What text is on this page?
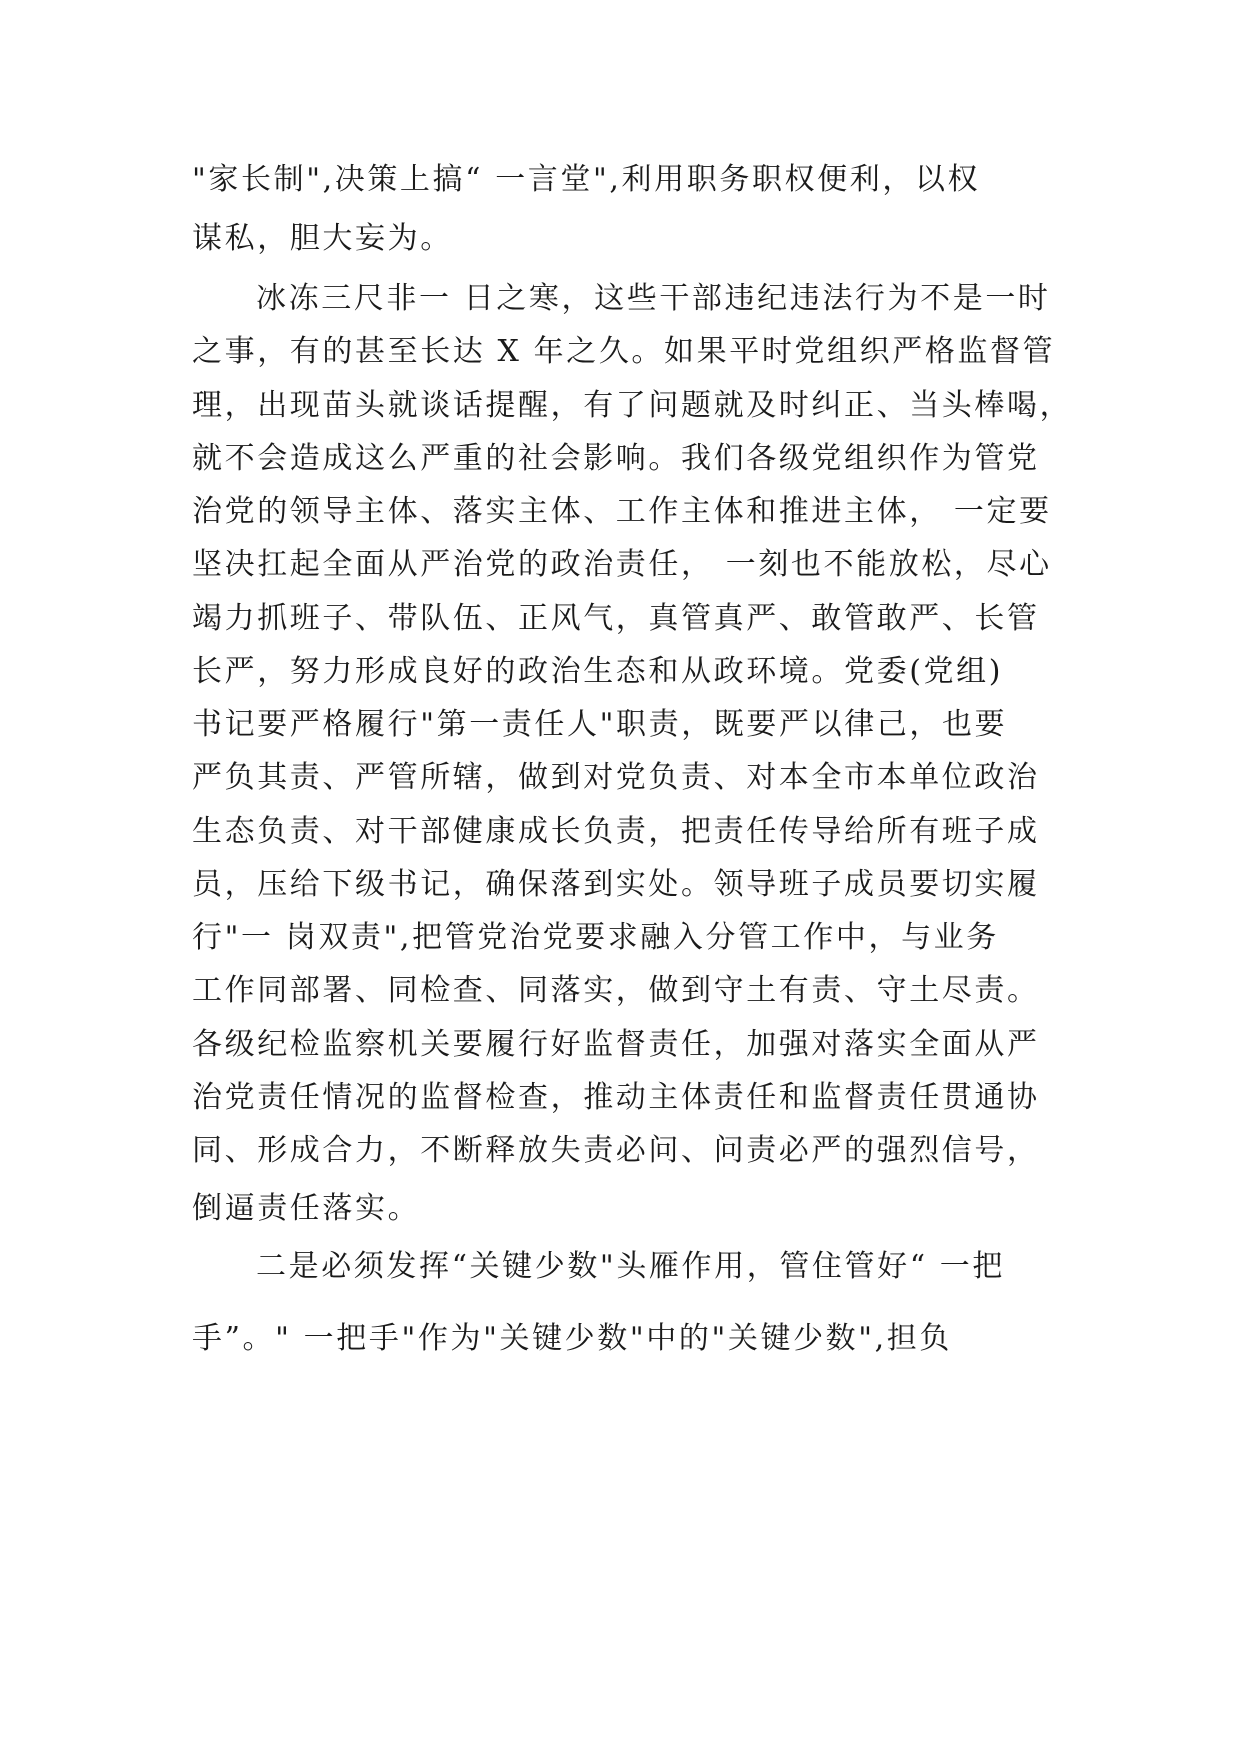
"家长制",决策上搞“ 一言堂",利用职务职权便利，以权
谋私，胆大妄为。
冰冻三尺非一 日之寒，这些干部违纪违法行为不是一时
之事，有的甚至长达 X 年之久。如果平时党组织严格监督管
理，出现苗头就谈话提醒，有了问题就及时纠正、当头棒喝，
就不会造成这么严重的社会影响。我们各级党组织作为管党
治党的领导主体、落实主体、工作主体和推进主体， 一定要
坚决扛起全面从严治党的政治责任， 一刻也不能放松，尽心
竭力抓班子、带队伍、正风气，真管真严、敢管敢严、长管
长严，努力形成良好的政治生态和从政环境。党委(党组)
书记要严格履行"第一责任人"职责，既要严以律己，也要
严负其责、严管所辖，做到对党负责、对本全市本单位政治
生态负责、对干部健康成长负责，把责任传导给所有班子成
员，压给下级书记，确保落到实处。领导班子成员要切实履
行"一 岗双责",把管党治党要求融入分管工作中，与业务
工作同部署、同检查、同落实，做到守土有责、守土尽责。
各级纪检监察机关要履行好监督责任，加强对落实全面从严
治党责任情况的监督检查，推动主体责任和监督责任贯通协
同、形成合力，不断释放失责必问、问责必严的强烈信号，
倒逼责任落实。
二是必须发挥“关键少数"头雁作用，管住管好“ 一把
手”。" 一把手"作为"关键少数"中的"关键少数",担负
